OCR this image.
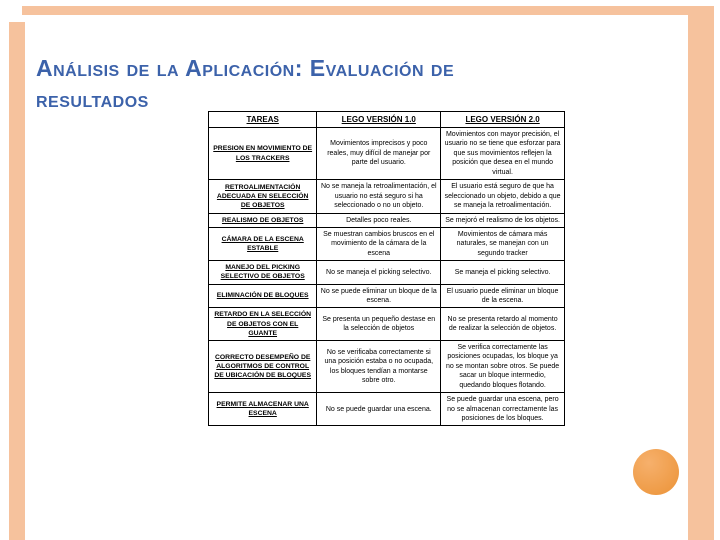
Análisis de la Aplicación: Evaluación de
resultados
TAREAS	LEGO VERSIÓN 1.0	LEGO VERSIÓN 2.0
PRESION EN MOVIMIENTO DE LOS TRACKERS	Movimientos imprecisos y poco reales, muy difícil de manejar por parte del usuario.	Movimientos con mayor precisión, el usuario no se tiene que esforzar para que sus movimientos reflejen la posición que desea en el mundo virtual.
RETROALIMENTACIÓN ADECUADA EN SELECCIÓN DE OBJETOS	No se maneja la retroalimentación, el usuario no está seguro si ha seleccionado o no un objeto.	El usuario está seguro de que ha seleccionado un objeto, debido a que se maneja la retroalimentación.
REALISMO DE OBJETOS	Detalles poco reales.	Se mejoró el realismo de los objetos.
CÁMARA DE LA ESCENA ESTABLE	Se muestran cambios bruscos en el movimiento de la cámara de la escena	Movimientos de cámara más naturales, se manejan con un segundo tracker
MANEJO DEL PICKING SELECTIVO DE OBJETOS	No se maneja el picking selectivo.	Se maneja el picking selectivo.
ELIMINACIÓN DE BLOQUES	No se puede eliminar un bloque de la escena.	El usuario puede eliminar un bloque de la escena.
RETARDO EN LA SELECCIÓN DE OBJETOS CON EL GUANTE	Se presenta un pequeño destase en la selección de objetos	No se presenta retardo al momento de realizar la selección de objetos.
CORRECTO DESEMPEÑO DE ALGORITMOS DE CONTROL DE UBICACIÓN DE BLOQUES	No se verificaba correctamente si una posición estaba o no ocupada, los bloques tendían a montarse sobre otro.	Se verifica correctamente las posiciones ocupadas, los bloque ya no se montan sobre otros. Se puede sacar un bloque intermedio, quedando bloques flotando.
PERMITE ALMACENAR UNA ESCENA	No se puede guardar una escena.	Se puede guardar una escena, pero no se almacenan correctamente las posiciones de los bloques.
